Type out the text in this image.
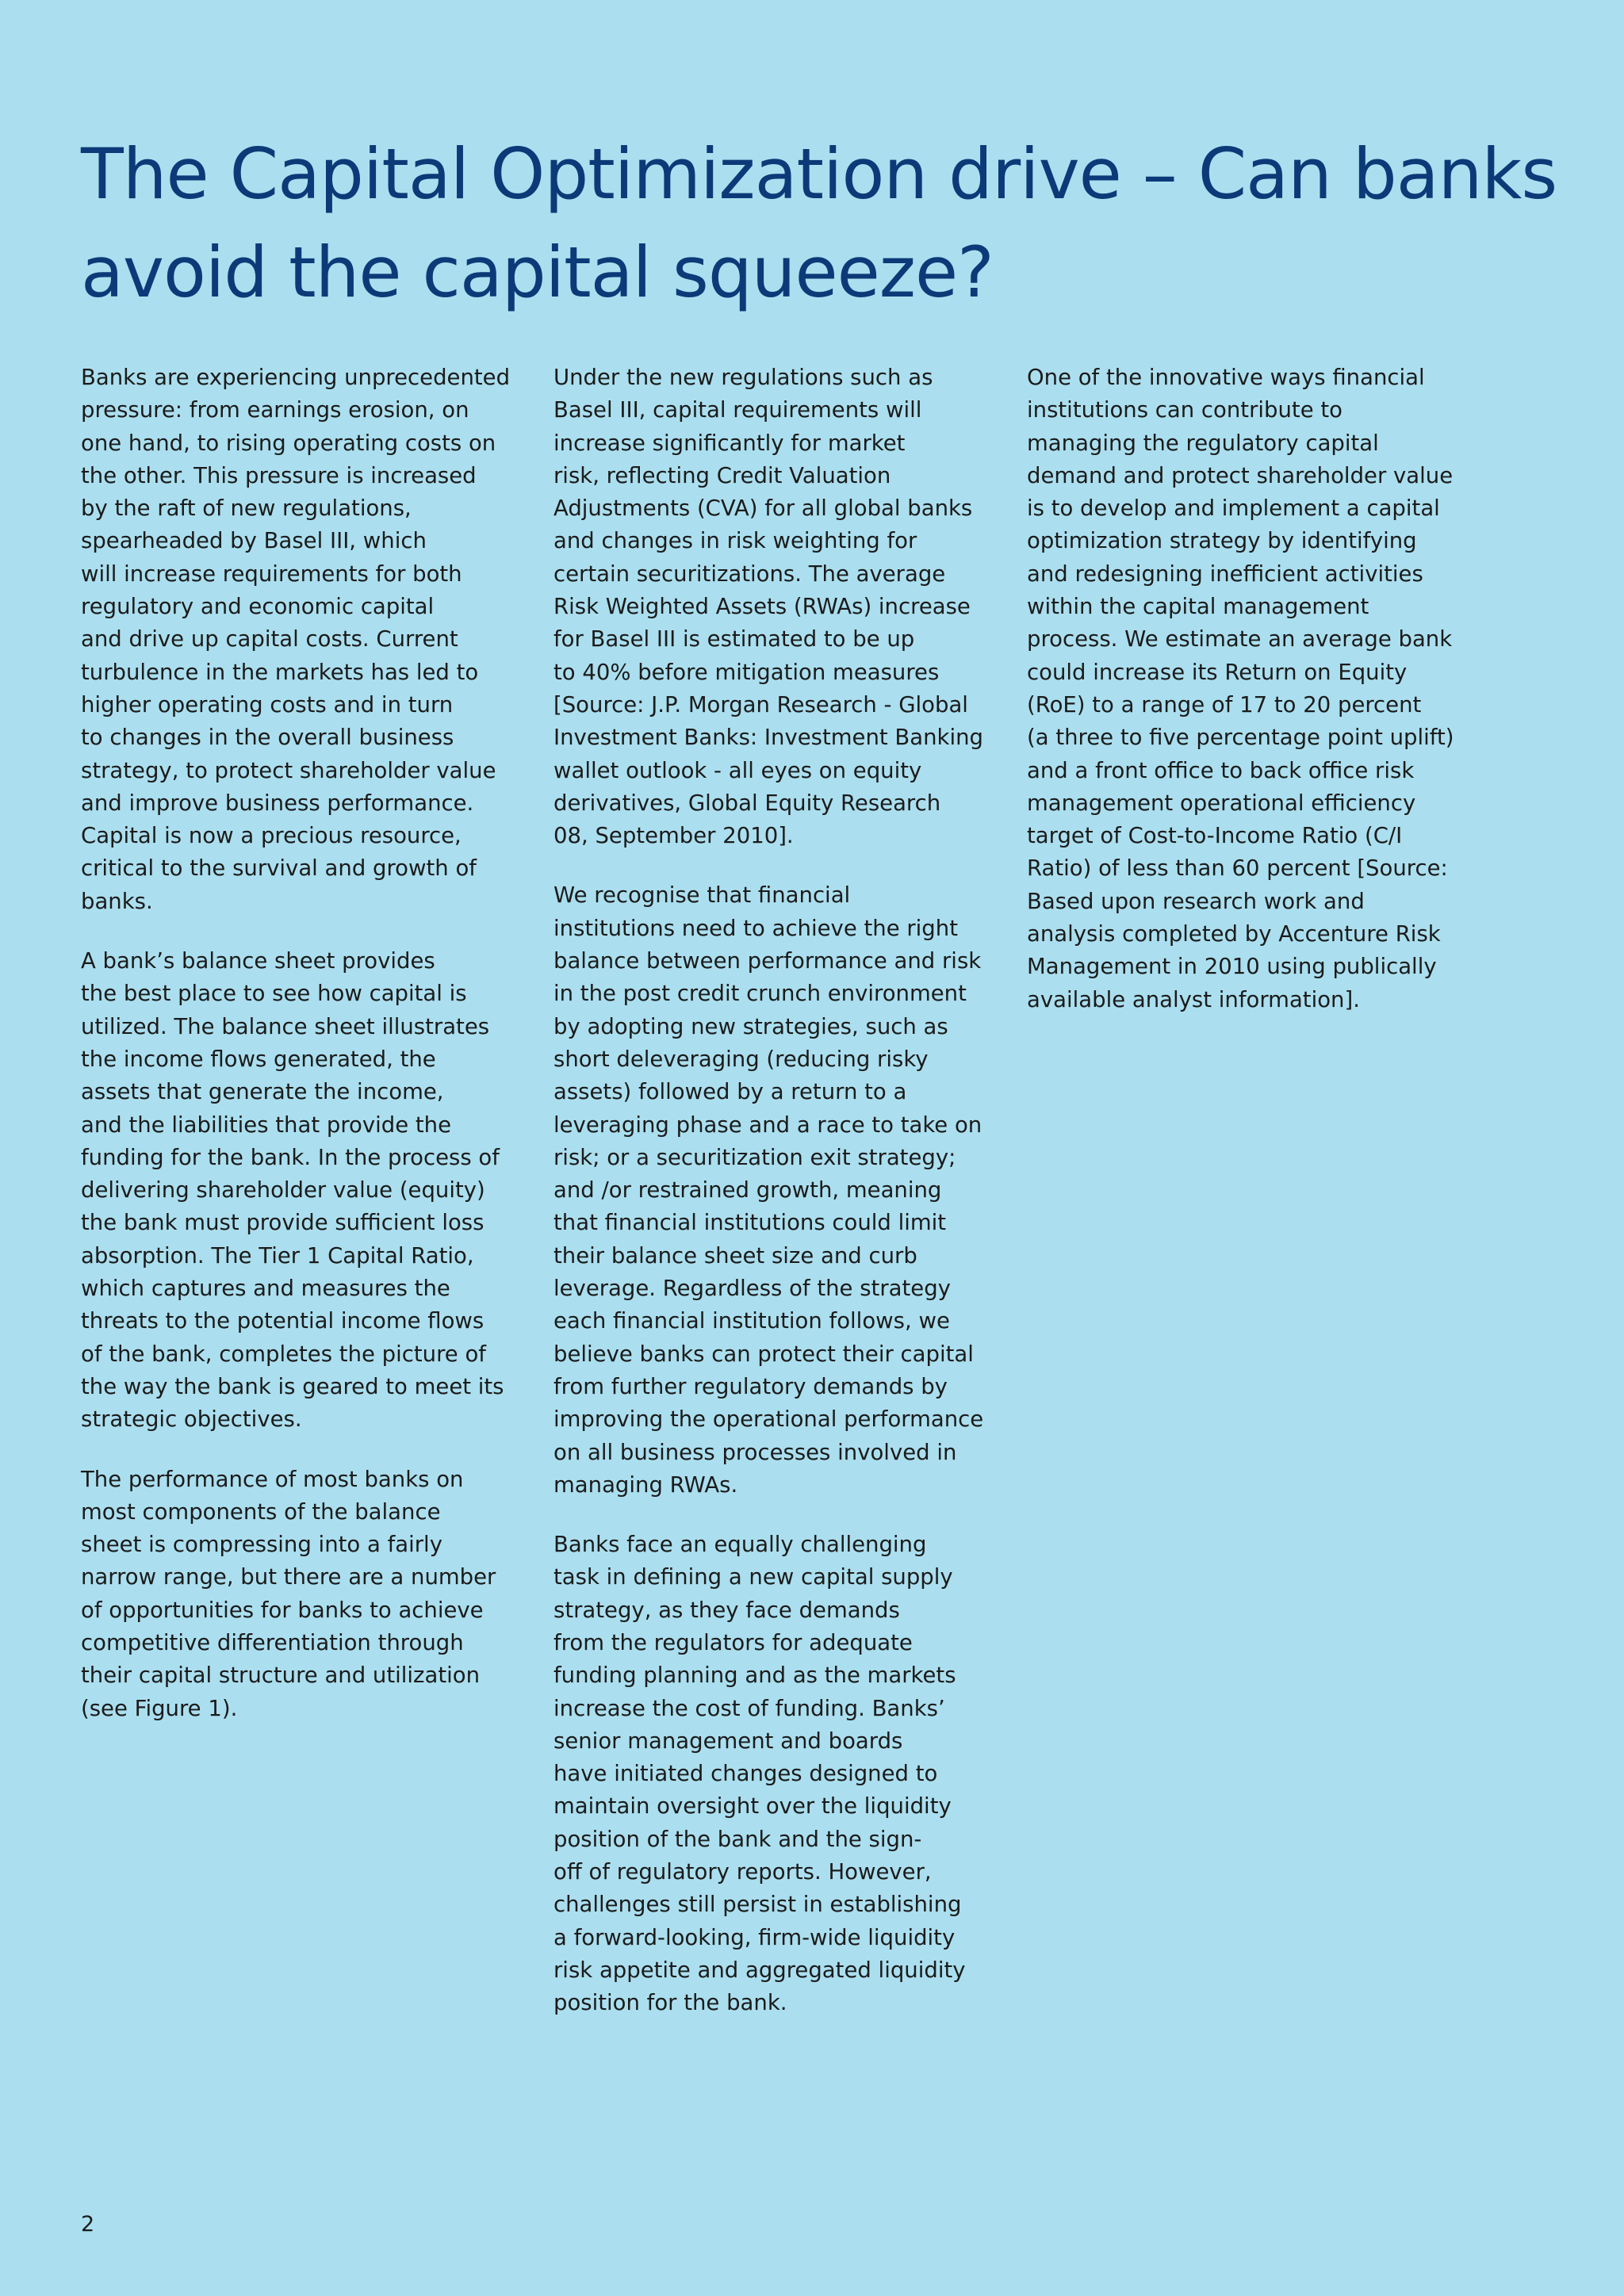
The Capital Optimization drive – Can banks
avoid the capital squeeze?

Banks are experiencing unprecedented
pressure: from earnings erosion, on
one hand, to rising operating costs on
the other. This pressure is increased
by the raft of new regulations,
spearheaded by Basel III, which
will increase requirements for both
regulatory and economic capital
and drive up capital costs. Current
turbulence in the markets has led to
higher operating costs and in turn
to changes in the overall business
strategy, to protect shareholder value
and improve business performance.
Capital is now a precious resource,
critical to the survival and growth of
banks.

A bank’s balance sheet provides
the best place to see how capital is
utilized. The balance sheet illustrates
the income flows generated, the
assets that generate the income,
and the liabilities that provide the
funding for the bank. In the process of
delivering shareholder value (equity)
the bank must provide sufficient loss
absorption. The Tier 1 Capital Ratio,
which captures and measures the
threats to the potential income flows
of the bank, completes the picture of
the way the bank is geared to meet its
strategic objectives.

The performance of most banks on
most components of the balance
sheet is compressing into a fairly
narrow range, but there are a number
of opportunities for banks to achieve
competitive differentiation through
their capital structure and utilization
(see Figure 1).

Under the new regulations such as
Basel III, capital requirements will
increase significantly for market
risk, reflecting Credit Valuation
Adjustments (CVA) for all global banks
and changes in risk weighting for
certain securitizations. The average
Risk Weighted Assets (RWAs) increase
for Basel III is estimated to be up
to 40% before mitigation measures
[Source: J.P. Morgan Research - Global
Investment Banks: Investment Banking
wallet outlook - all eyes on equity
derivatives, Global Equity Research
08, September 2010].

We recognise that financial
institutions need to achieve the right
balance between performance and risk
in the post credit crunch environment
by adopting new strategies, such as
short deleveraging (reducing risky
assets) followed by a return to a
leveraging phase and a race to take on
risk; or a securitization exit strategy;
and /or restrained growth, meaning
that financial institutions could limit
their balance sheet size and curb
leverage. Regardless of the strategy
each financial institution follows, we
believe banks can protect their capital
from further regulatory demands by
improving the operational performance
on all business processes involved in
managing RWAs.

Banks face an equally challenging
task in defining a new capital supply
strategy, as they face demands
from the regulators for adequate
funding planning and as the markets
increase the cost of funding. Banks’
senior management and boards
have initiated changes designed to
maintain oversight over the liquidity
position of the bank and the sign-
off of regulatory reports. However,
challenges still persist in establishing
a forward-looking, firm-wide liquidity
risk appetite and aggregated liquidity
position for the bank.

One of the innovative ways financial
institutions can contribute to
managing the regulatory capital
demand and protect shareholder value
is to develop and implement a capital
optimization strategy by identifying
and redesigning inefficient activities
within the capital management
process. We estimate an average bank
could increase its Return on Equity
(RoE) to a range of 17 to 20 percent
(a three to five percentage point uplift)
and a front office to back office risk
management operational efficiency
target of Cost-to-Income Ratio (C/I
Ratio) of less than 60 percent [Source:
Based upon research work and
analysis completed by Accenture Risk
Management in 2010 using publically
available analyst information].

2
